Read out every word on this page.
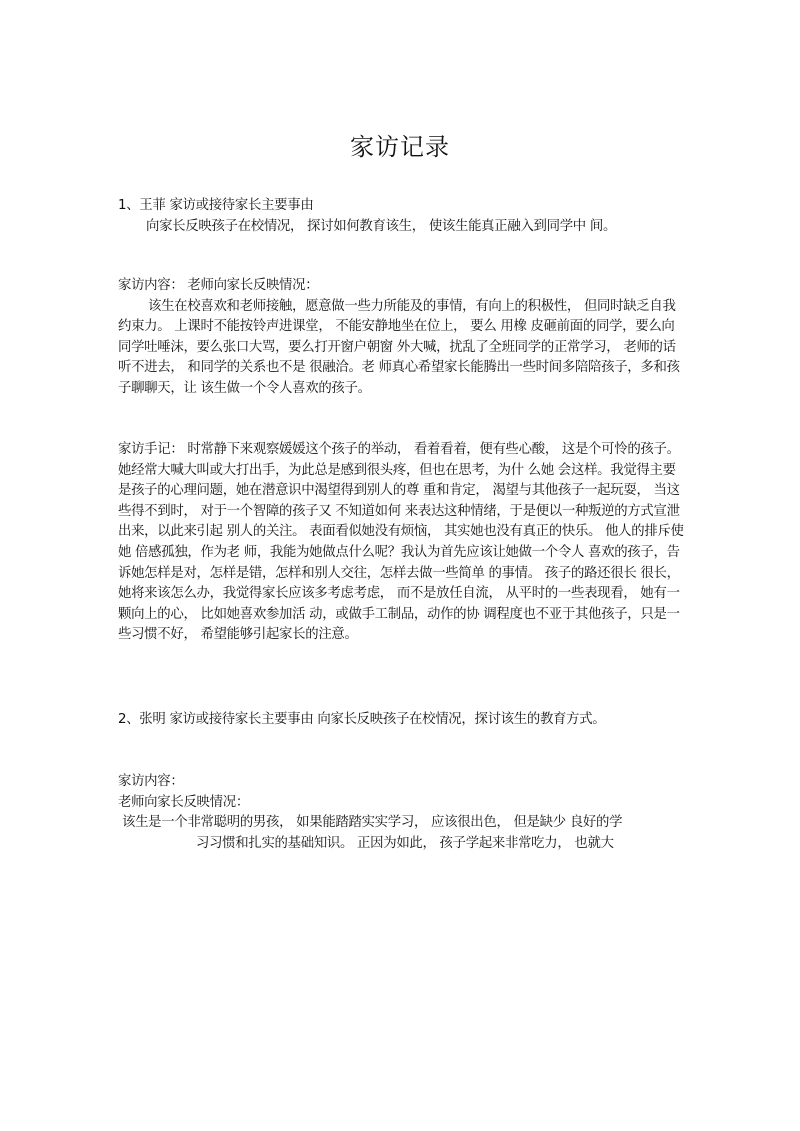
家访记录

1、王菲 家访或接待家长主要事由

向家长反映孩子在校情况， 探讨如何教育该生， 使该生能真正融入到同学中 间。

家访内容： 老师向家长反映情况：

该生在校喜欢和老师接触，愿意做一些力所能及的事情，有向上的积极性， 但同时缺乏自我约束力。 上课时不能按铃声进课堂， 不能安静地坐在位上， 要么 用橡 皮砸前面的同学，要么向同学吐唾沫，要么张口大骂，要么打开窗户朝窗 外大喊，扰乱了全班同学的正常学习， 老师的话听不进去， 和同学的关系也不是 很融洽。老 师真心希望家长能腾出一些时间多陪陪孩子，多和孩子聊聊天，让 该生做一个令人喜欢的孩子。

家访手记： 时常静下来观察媛媛这个孩子的举动， 看着看着，便有些心酸， 这是个可怜的孩子。她经常大喊大叫或大打出手，为此总是感到很头疼，但也在思考，为什 么她 会这样。我觉得主要是孩子的心理问题，她在潜意识中渴望得到别人的尊 重和肯定， 渴望与其他孩子一起玩耍， 当这些得不到时， 对于一个智障的孩子又 不知道如何 来表达这种情绪，于是便以一种叛逆的方式宣泄出来，以此来引起 别人的关注。 表面看似她没有烦恼， 其实她也没有真正的快乐。 他人的排斥使她 倍感孤独，作为老 师，我能为她做点什么呢？我认为首先应该让她做一个令人 喜欢的孩子，告诉她怎样是对，怎样是错，怎样和别人交往，怎样去做一些简单 的事情。 孩子的路还很长 很长， 她将来该怎么办，我觉得家长应该多考虑考虑， 而不是放任自流， 从平时的一些表现看， 她有一颗向上的心， 比如她喜欢参加活 动，或做手工制品，动作的协 调程度也不亚于其他孩子，只是一些习惯不好， 希望能够引起家长的注意。

2、张明 家访或接待家长主要事由 向家长反映孩子在校情况，探讨该生的教育方式。

家访内容：

老师向家长反映情况：

该生是一个非常聪明的男孩， 如果能踏踏实实学习， 应该很出色， 但是缺少 良好的学

习习惯和扎实的基础知识。 正因为如此， 孩子学起来非常吃力， 也就大
